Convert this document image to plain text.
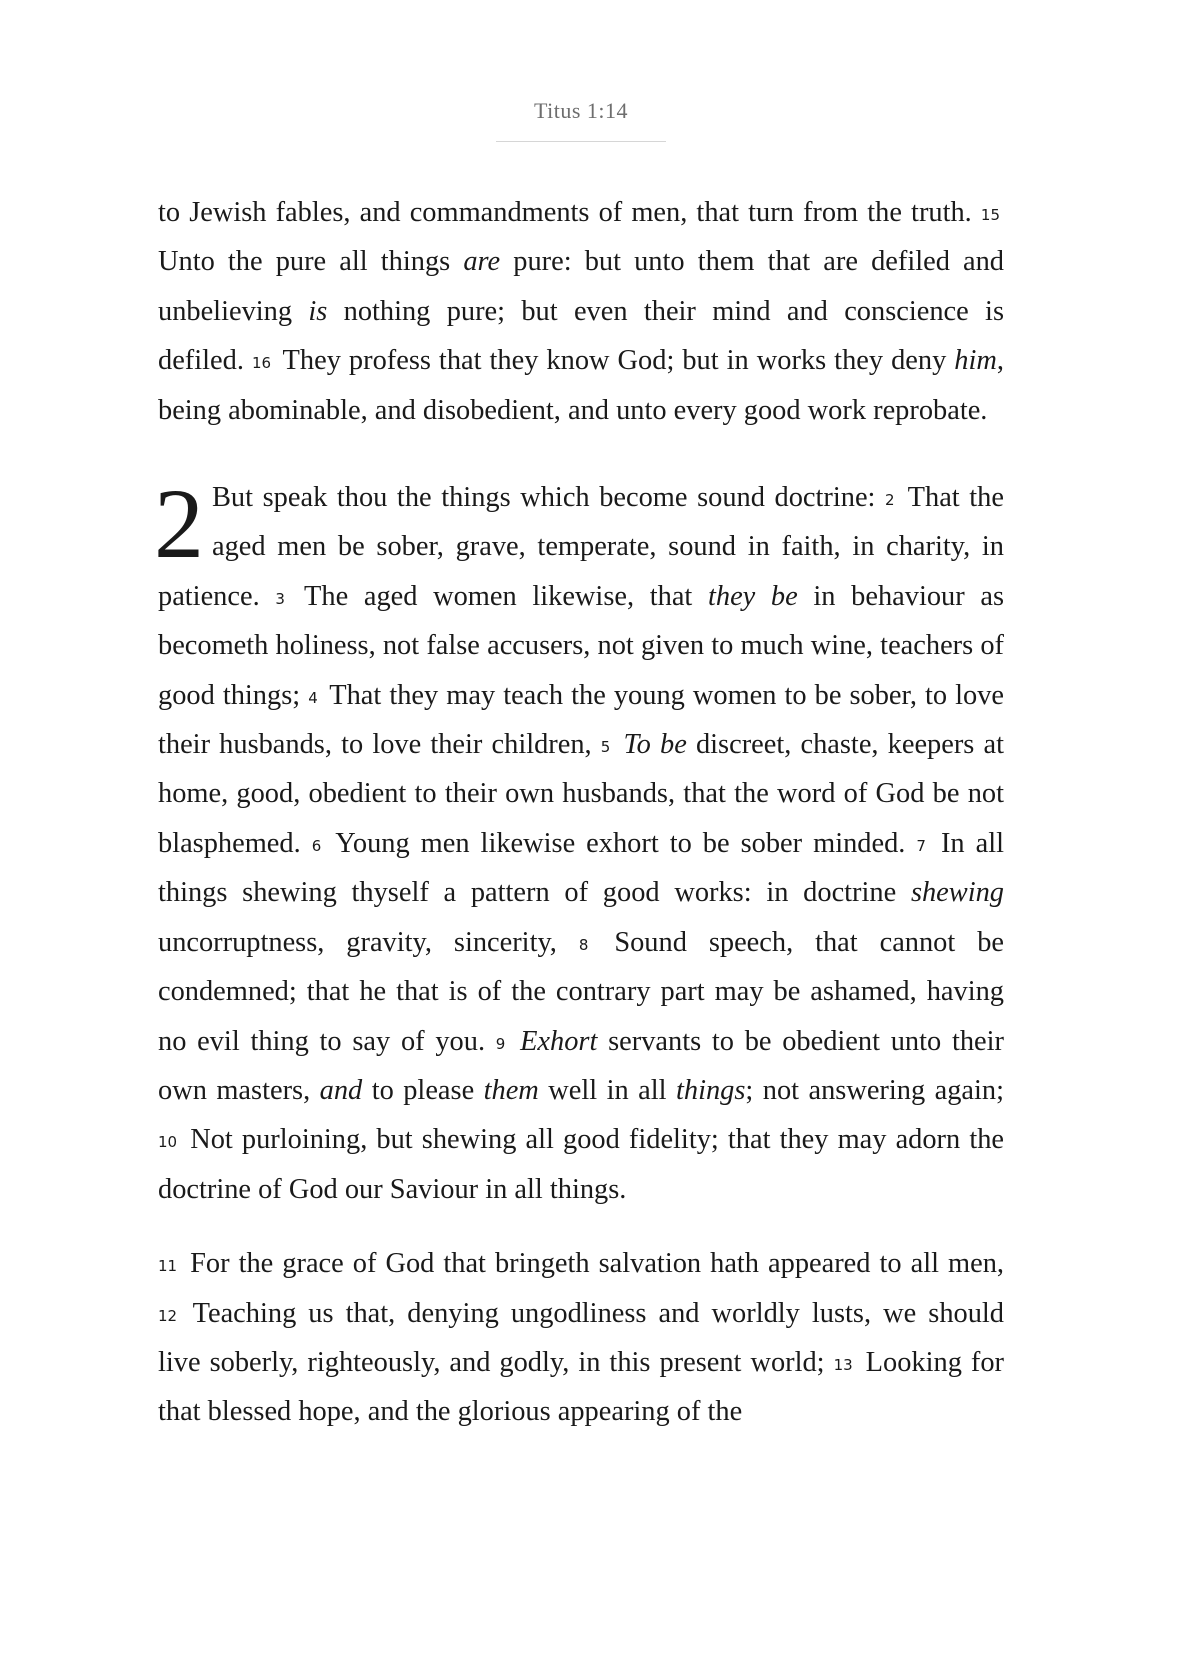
Titus 1:14

to Jewish fables, and commandments of men, that turn from the truth. $^{15}$ Unto the pure all things are pure: but unto them that are defiled and unbelieving is nothing pure; but even their mind and conscience is defiled. $^{16}$ They profess that they know God; but in works they deny him, being abominable, and disobedient, and unto every good work reprobate.

2 But speak thou the things which become sound doctrine: $^2$ That the aged men be sober, grave, temperate, sound in faith, in charity, in patience. $^3$ The aged women likewise, that they be in behaviour as becometh holiness, not false accusers, not given to much wine, teachers of good things; $^4$ That they may teach the young women to be sober, to love their husbands, to love their children, $^5$ To be discreet, chaste, keepers at home, good, obedient to their own husbands, that the word of God be not blasphemed. $^6$ Young men likewise exhort to be sober minded. $^7$ In all things shewing thyself a pattern of good works: in doctrine shewing uncorruptness, gravity, sincerity, $^8$ Sound speech, that cannot be condemned; that he that is of the contrary part may be ashamed, having no evil thing to say of you. $^9$ Exhort servants to be obedient unto their own masters, and to please them well in all things; not answering again; $^{10}$ Not purloining, but shewing all good fidelity; that they may adorn the doctrine of God our Saviour in all things.

$^{11}$ For the grace of God that bringeth salvation hath appeared to all men, $^{12}$ Teaching us that, denying ungodliness and worldly lusts, we should live soberly, righteously, and godly, in this present world; $^{13}$ Looking for that blessed hope, and the glorious appearing of the
